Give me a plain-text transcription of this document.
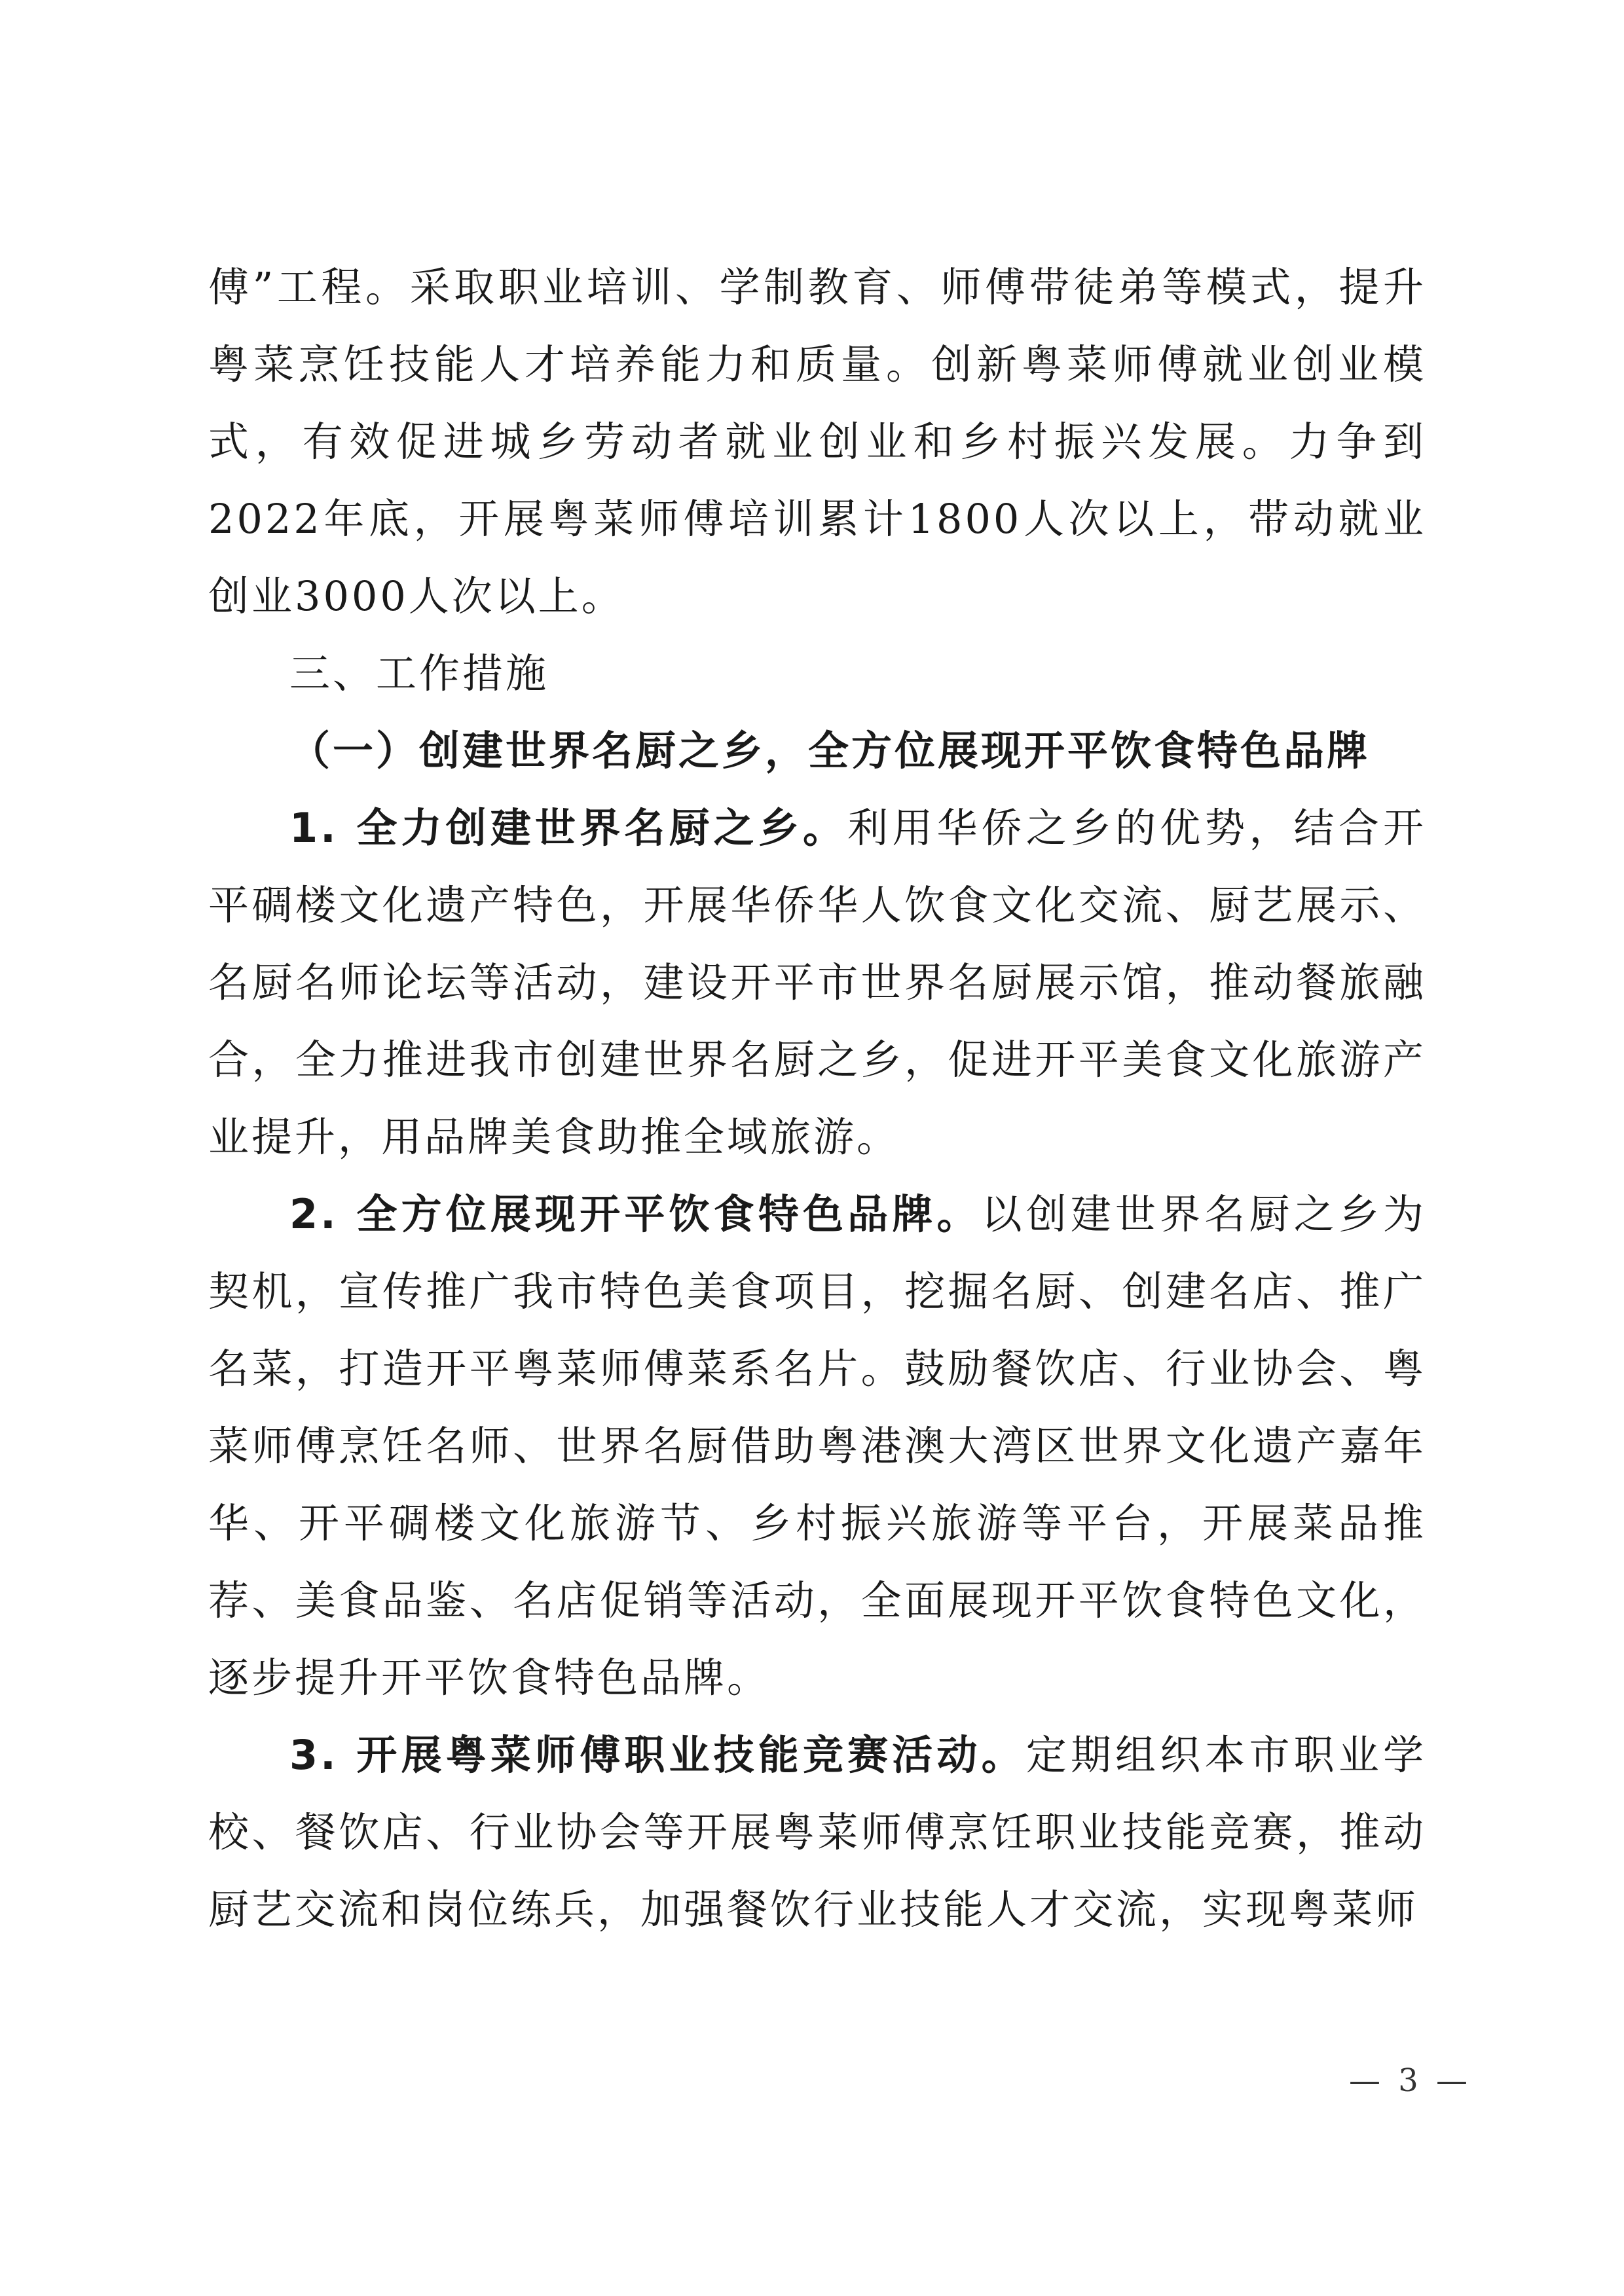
傅”工程。采取职业培训、学制教育、师傅带徒弟等模式，提升粤菜烹饪技能人才培养能力和质量。创新粤菜师傅就业创业模式，有效促进城乡劳动者就业创业和乡村振兴发展。力争到2022年底，开展粤菜师傅培训累计1800人次以上，带动就业创业3000人次以上。

三、工作措施

（一）创建世界名厨之乡，全方位展现开平饮食特色品牌

1. 全力创建世界名厨之乡。利用华侨之乡的优势，结合开平碉楼文化遗产特色，开展华侨华人饮食文化交流、厨艺展示、名厨名师论坛等活动，建设开平市世界名厨展示馆，推动餐旅融合，全力推进我市创建世界名厨之乡，促进开平美食文化旅游产业提升，用品牌美食助推全域旅游。

2. 全方位展现开平饮食特色品牌。以创建世界名厨之乡为契机，宣传推广我市特色美食项目，挖掘名厨、创建名店、推广名菜，打造开平粤菜师傅菜系名片。鼓励餐饮店、行业协会、粤菜师傅烹饪名师、世界名厨借助粤港澳大湾区世界文化遗产嘉年华、开平碉楼文化旅游节、乡村振兴旅游等平台，开展菜品推荐、美食品鉴、名店促销等活动，全面展现开平饮食特色文化，逐步提升开平饮食特色品牌。

3. 开展粤菜师傅职业技能竞赛活动。定期组织本市职业学校、餐饮店、行业协会等开展粤菜师傅烹饪职业技能竞赛，推动厨艺交流和岗位练兵，加强餐饮行业技能人才交流，实现粤菜师

— 3 —
